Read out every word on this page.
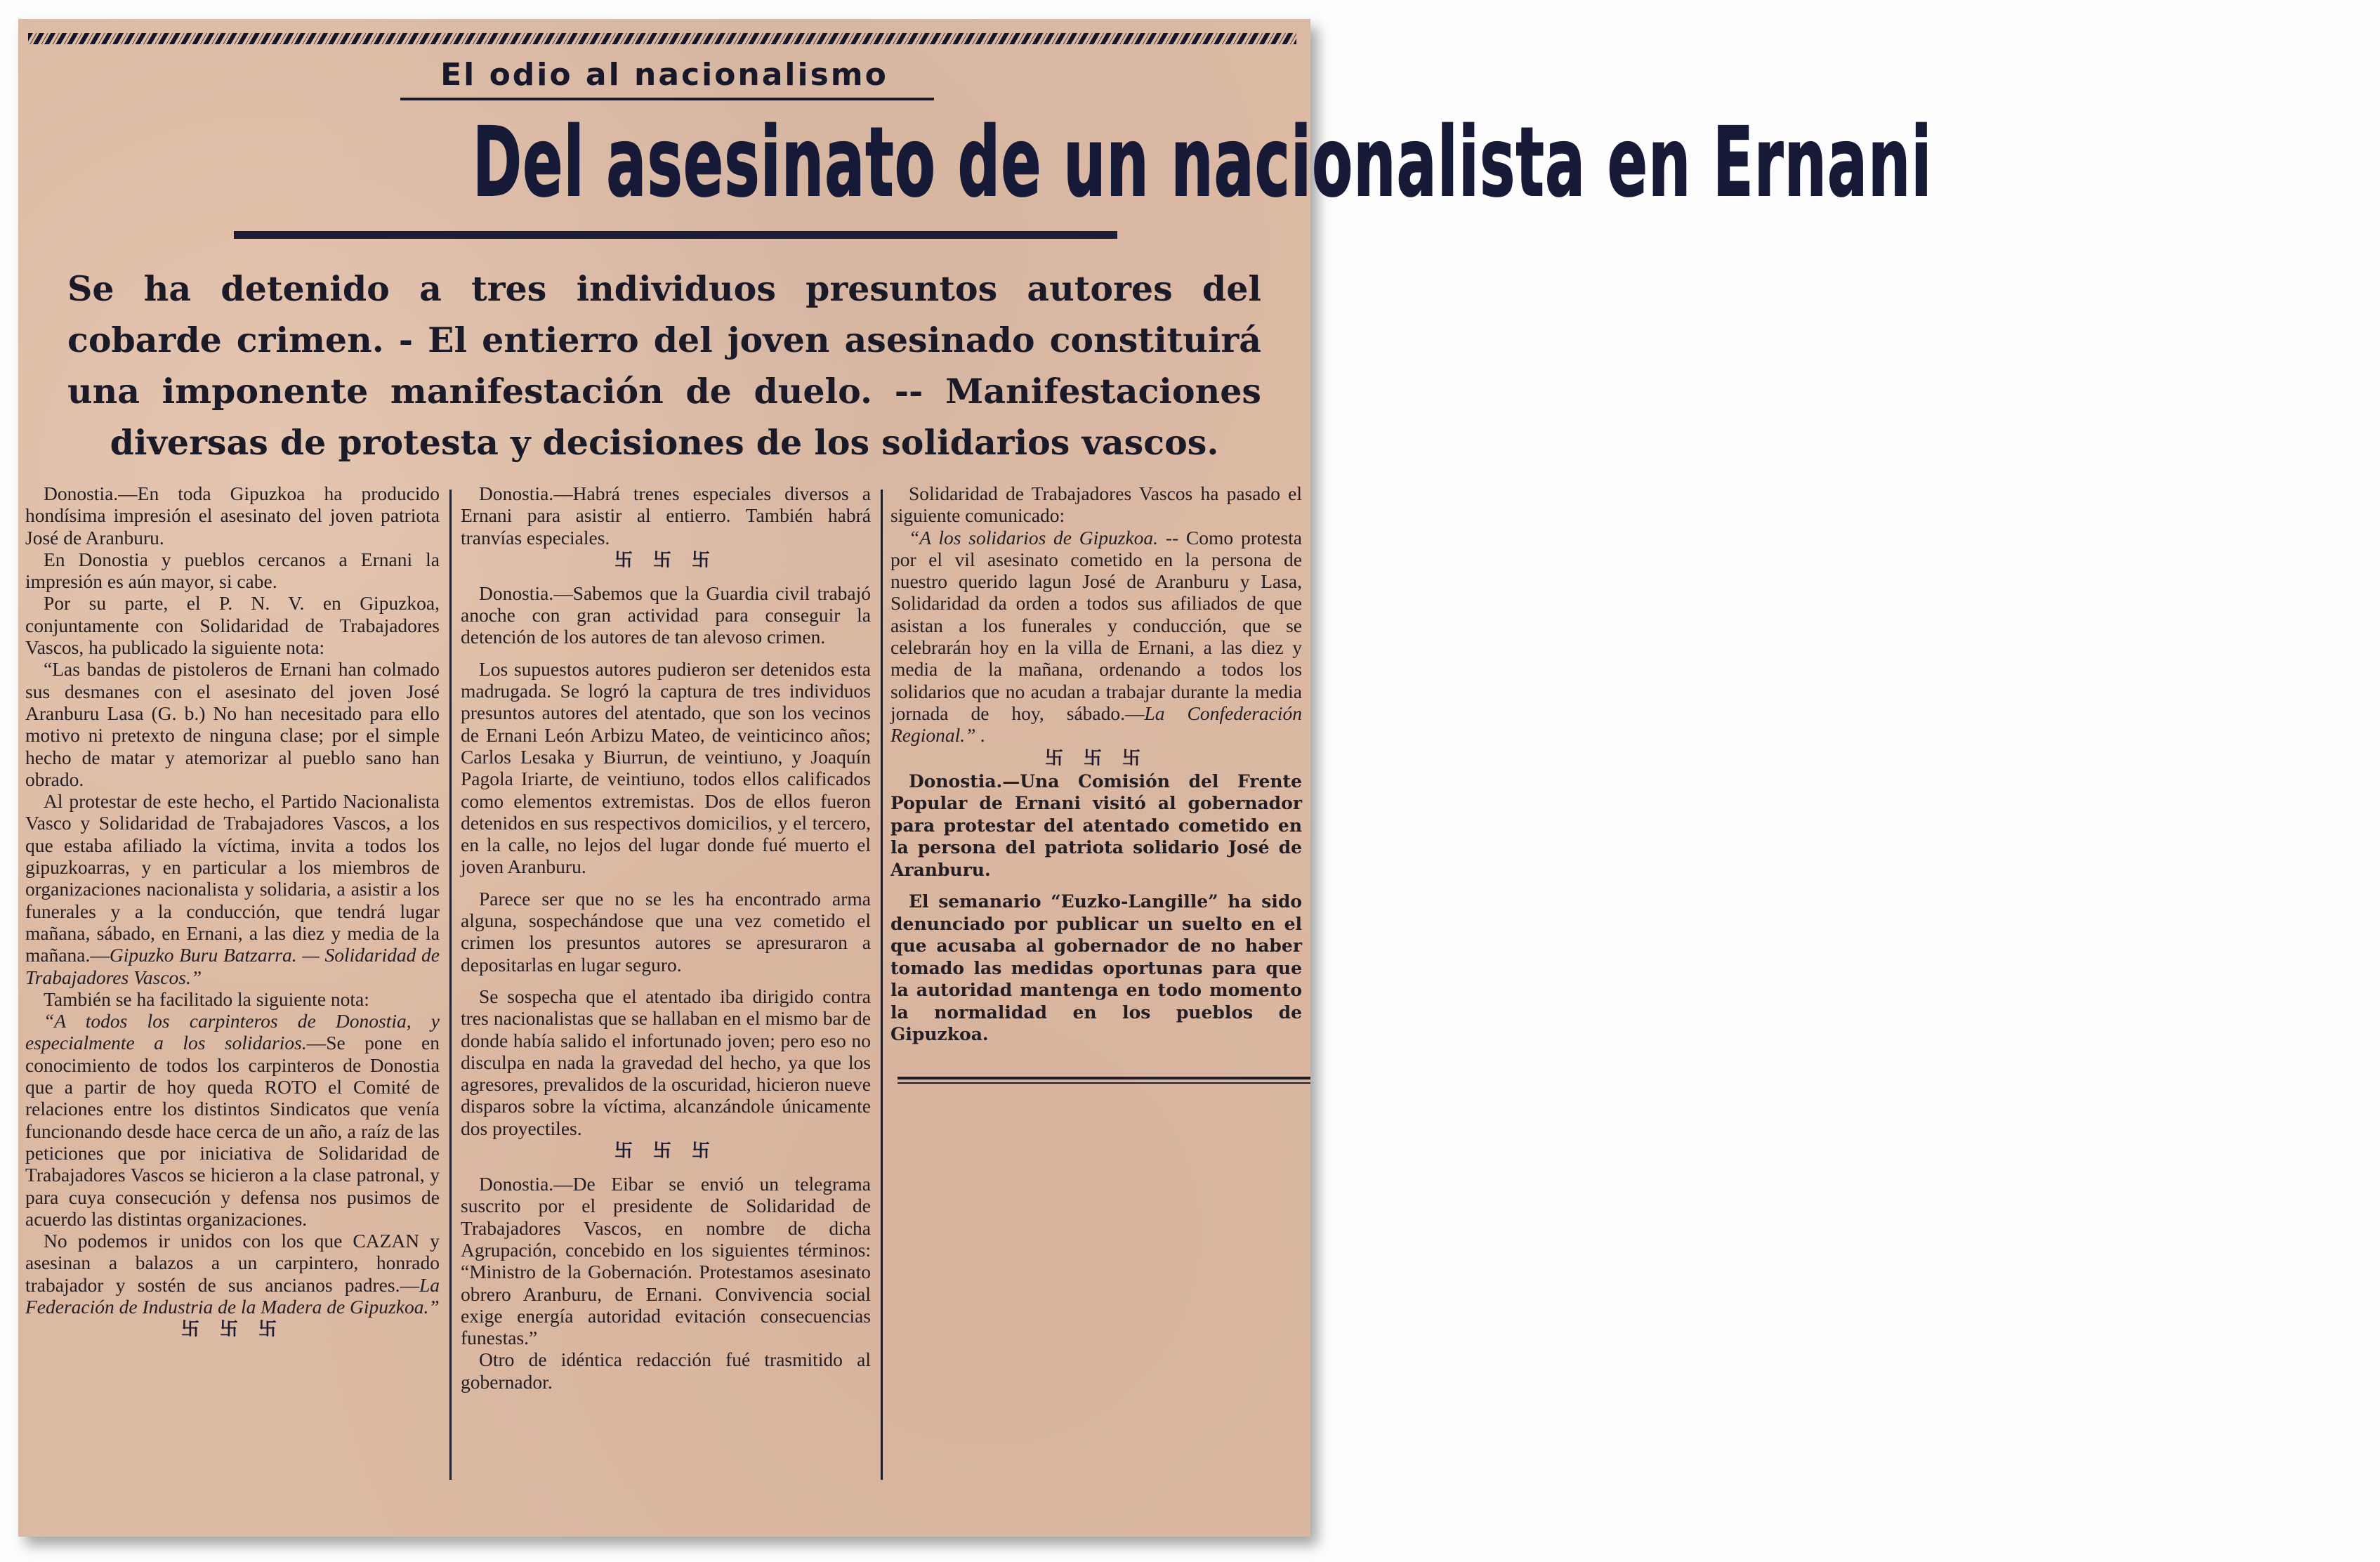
El odio al nacionalismo
Del asesinato de un nacionalista en Ernani
Se ha detenido a tres individuos presuntos autores del cobarde crimen. - El entierro del joven asesinado constituirá una imponente manifestación de duelo. -- Manifestaciones diversas de protesta y decisiones de los solidarios vascos.

Donostia.—En toda Gipuzkoa ha producido hondísima impresión el asesinato del joven patriota José de Aranburu.

En Donostia y pueblos cercanos a Ernani la impresión es aún mayor, si cabe.

Por su parte, el P. N. V. en Gipuzkoa, conjuntamente con Solidaridad de Trabajadores Vascos, ha publicado la siguiente nota:

“Las bandas de pistoleros de Ernani han colmado sus desmanes con el asesinato del joven José Aranburu Lasa (G. b.) No han necesitado para ello motivo ni pretexto de ninguna clase; por el simple hecho de matar y atemorizar al pueblo sano han obrado.

Al protestar de este hecho, el Partido Nacionalista Vasco y Solidaridad de Trabajadores Vascos, a los que estaba afiliado la víctima, invita a todos los gipuzkoarras, y en particular a los miembros de organizaciones nacionalista y solidaria, a asistir a los funerales y a la conducción, que tendrá lugar mañana, sábado, en Ernani, a las diez y media de la mañana.—Gipuzko Buru Batzarra. — Solidaridad de Trabajadores Vascos.”

También se ha facilitado la siguiente nota:

“A todos los carpinteros de Donostia, y especialmente a los solidarios.—Se pone en conocimiento de todos los carpinteros de Donostia que a partir de hoy queda ROTO el Comité de relaciones entre los distintos Sindicatos que venía funcionando desde hace cerca de un año, a raíz de las peticiones que por iniciativa de Solidaridad de Trabajadores Vascos se hicieron a la clase patronal, y para cuya consecución y defensa nos pusimos de acuerdo las distintas organizaciones.

No podemos ir unidos con los que CAZAN y asesinan a balazos a un carpintero, honrado trabajador y sostén de sus ancianos padres.—La Federación de Industria de la Madera de Gipuzkoa.”

卐 卐 卐

Donostia.—Habrá trenes especiales diversos a Ernani para asistir al entierro. También habrá tranvías especiales.

卐 卐 卐

Donostia.—Sabemos que la Guardia civil trabajó anoche con gran actividad para conseguir la detención de los autores de tan alevoso crimen.

Los supuestos autores pudieron ser detenidos esta madrugada. Se logró la captura de tres individuos presuntos autores del atentado, que son los vecinos de Ernani León Arbizu Mateo, de veinticinco años; Carlos Lesaka y Biurrun, de veintiuno, y Joaquín Pagola Iriarte, de veintiuno, todos ellos calificados como elementos extremistas. Dos de ellos fueron detenidos en sus respectivos domicilios, y el tercero, en la calle, no lejos del lugar donde fué muerto el joven Aranburu.

Parece ser que no se les ha encontrado arma alguna, sospechándose que una vez cometido el crimen los presuntos autores se apresuraron a depositarlas en lugar seguro.

Se sospecha que el atentado iba dirigido contra tres nacionalistas que se hallaban en el mismo bar de donde había salido el infortunado joven; pero eso no disculpa en nada la gravedad del hecho, ya que los agresores, prevalidos de la oscuridad, hicieron nueve disparos sobre la víctima, alcanzándole únicamente dos proyectiles.

卐 卐 卐

Donostia.—De Eibar se envió un telegrama suscrito por el presidente de Solidaridad de Trabajadores Vascos, en nombre de dicha Agrupación, concebido en los siguientes términos: “Ministro de la Gobernación. Protestamos asesinato obrero Aranburu, de Ernani. Convivencia social exige energía autoridad evitación consecuencias funestas.”

Otro de idéntica redacción fué trasmitido al gobernador.

Solidaridad de Trabajadores Vascos ha pasado el siguiente comunicado:

“A los solidarios de Gipuzkoa. -- Como protesta por el vil asesinato cometido en la persona de nuestro querido lagun José de Aranburu y Lasa, Solidaridad da orden a todos sus afiliados de que asistan a los funerales y conducción, que se celebrarán hoy en la villa de Ernani, a las diez y media de la mañana, ordenando a todos los solidarios que no acudan a trabajar durante la media jornada de hoy, sábado.—La Confederación Regional.” .

卐 卐 卐

Donostia.—Una Comisión del Frente Popular de Ernani visitó al gobernador para protestar del atentado cometido en la persona del patriota solidario José de Aranburu.

El semanario “Euzko-Langille” ha sido denunciado por publicar un suelto en el que acusaba al gobernador de no haber tomado las medidas oportunas para que la autoridad mantenga en todo momento la normalidad en los pueblos de Gipuzkoa.
